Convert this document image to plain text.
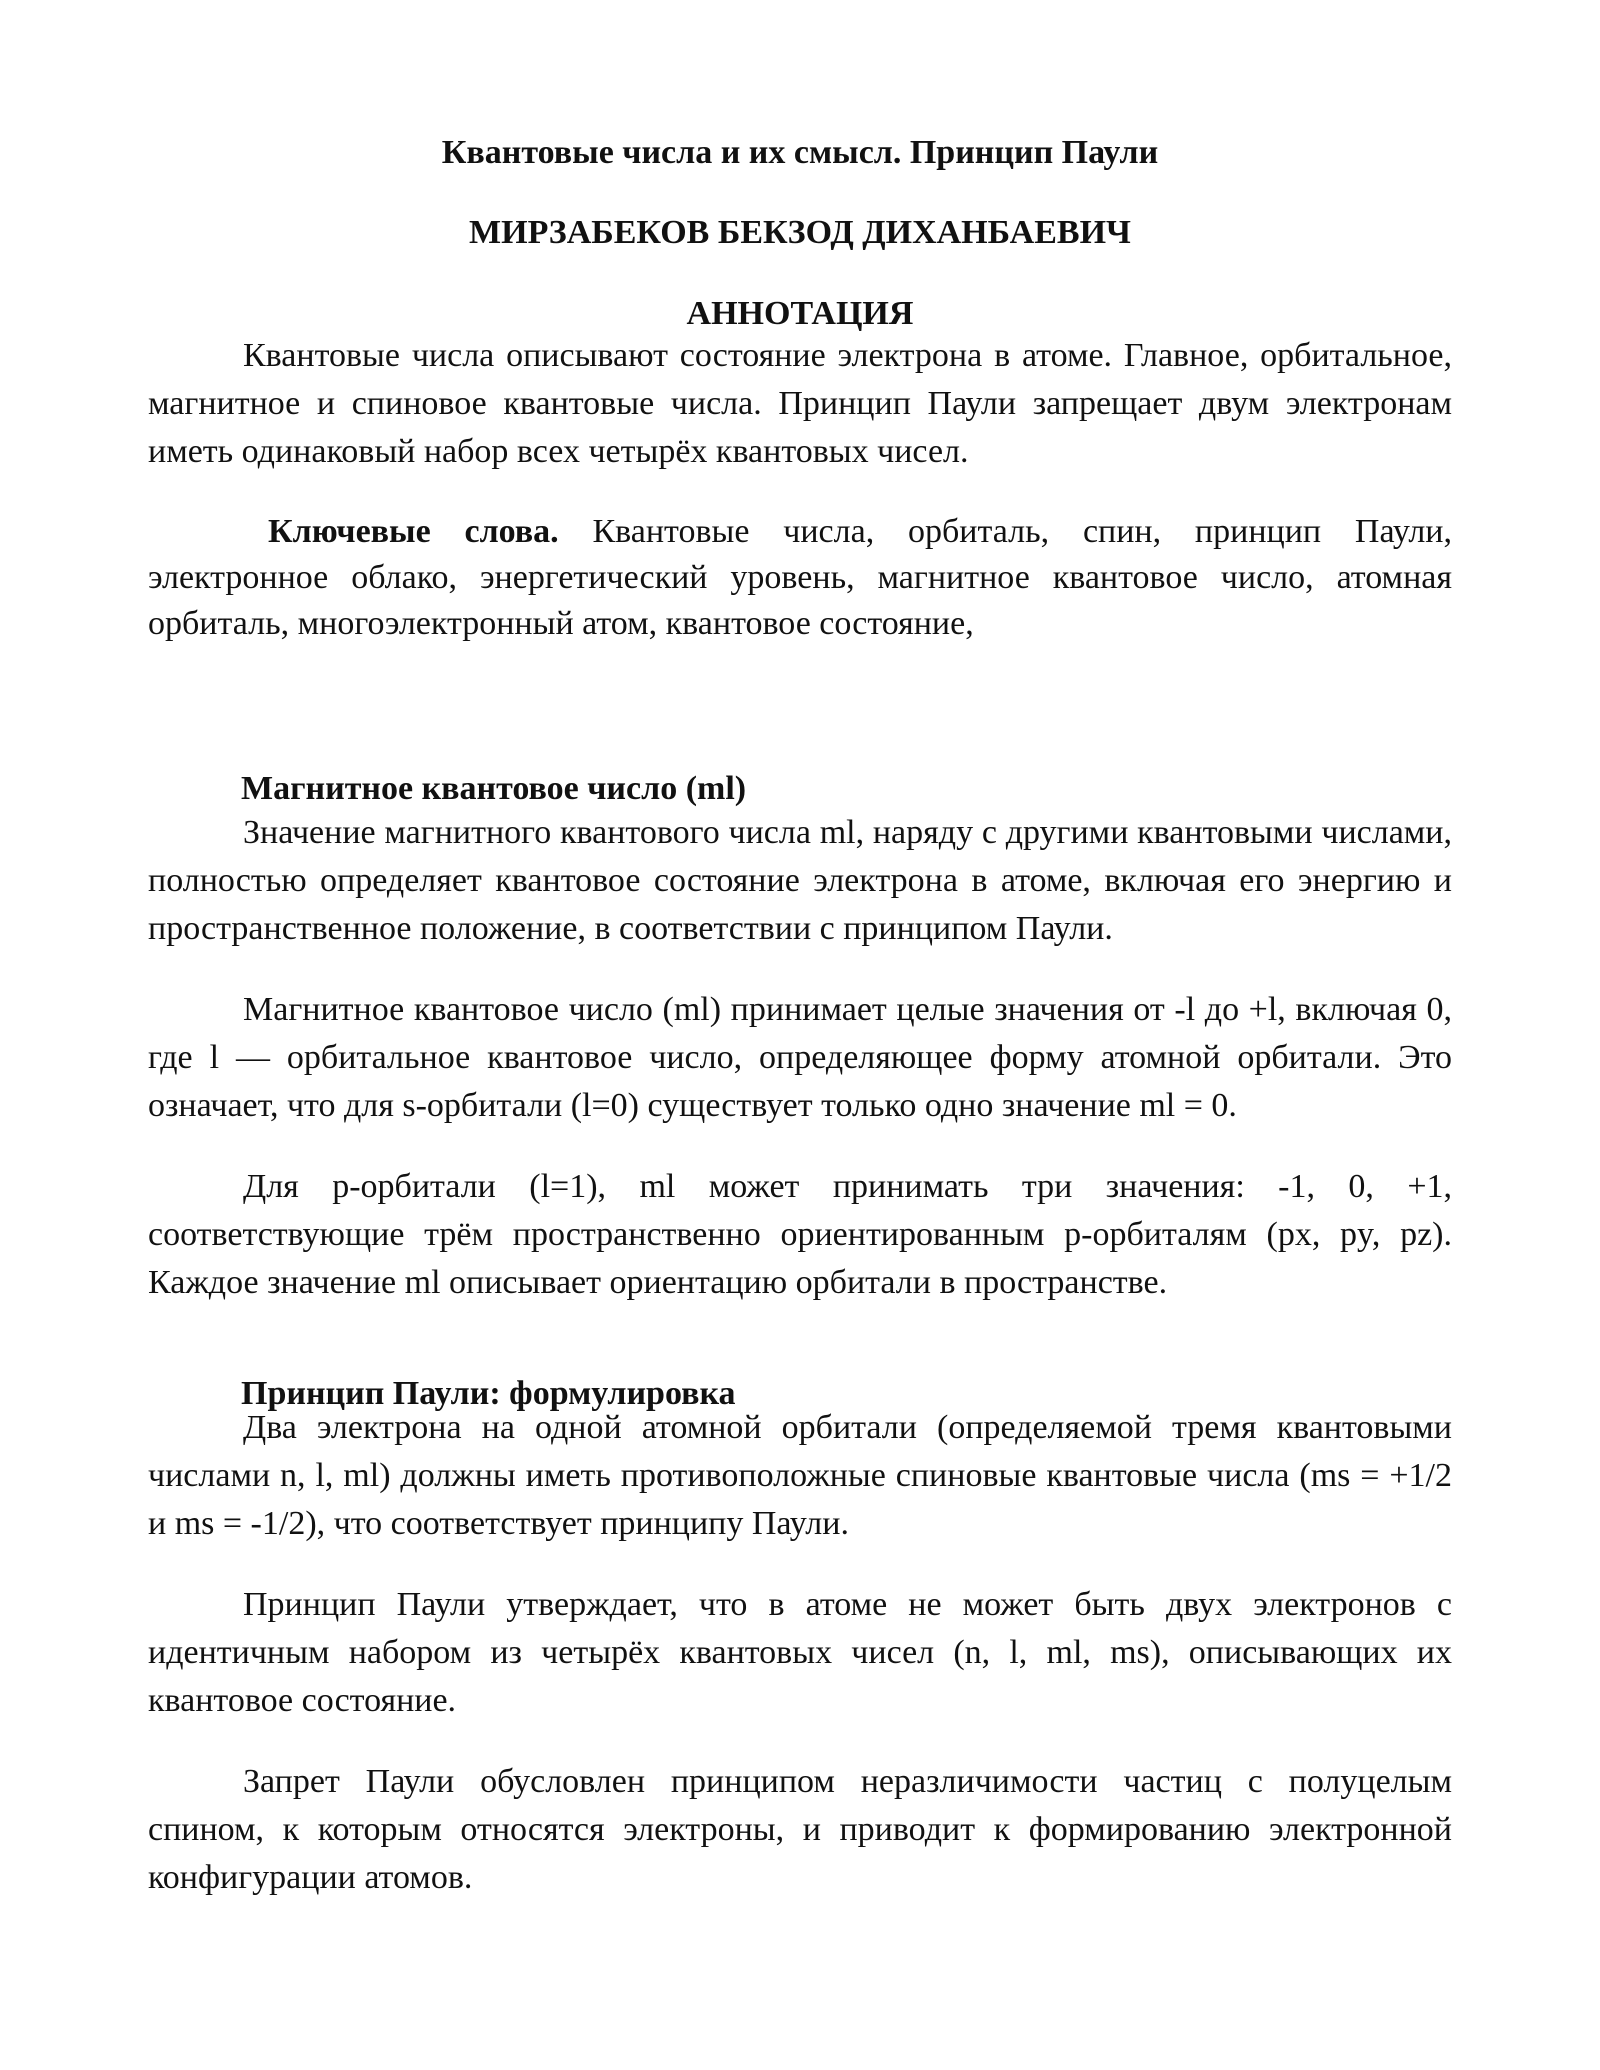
Квантовые числа и их смысл. Принцип Паули

МИРЗАБЕКОВ БЕКЗОД ДИХАНБАЕВИЧ

АННОТАЦИЯ

Квантовые числа описывают состояние электрона в атоме. Главное, орбитальное, магнитное и спиновое квантовые числа. Принцип Паули запрещает двум электронам иметь одинаковый набор всех четырёх квантовых чисел.

Ключевые слова. Квантовые числа, орбиталь, спин, принцип Паули, электронное облако, энергетический уровень, магнитное квантовое число, атомная орбиталь, многоэлектронный атом, квантовое состояние,

Магнитное квантовое число (ml)

Значение магнитного квантового числа ml, наряду с другими квантовыми числами, полностью определяет квантовое состояние электрона в атоме, включая его энергию и пространственное положение, в соответствии с принципом Паули.

Магнитное квантовое число (ml) принимает целые значения от -l до +l, включая 0, где l — орбитальное квантовое число, определяющее форму атомной орбитали. Это означает, что для s-орбитали (l=0) существует только одно значение ml = 0.

Для p-орбитали (l=1), ml может принимать три значения: -1, 0, +1, соответствующие трём пространственно ориентированным p-орбиталям (px, py, pz). Каждое значение ml описывает ориентацию орбитали в пространстве.

Принцип Паули: формулировка

Два электрона на одной атомной орбитали (определяемой тремя квантовыми числами n, l, ml) должны иметь противоположные спиновые квантовые числа (ms = +1/2 и ms = -1/2), что соответствует принципу Паули.

Принцип Паули утверждает, что в атоме не может быть двух электронов с идентичным набором из четырёх квантовых чисел (n, l, ml, ms), описывающих их квантовое состояние.

Запрет Паули обусловлен принципом неразличимости частиц с полуцелым спином, к которым относятся электроны, и приводит к формированию электронной конфигурации атомов.
